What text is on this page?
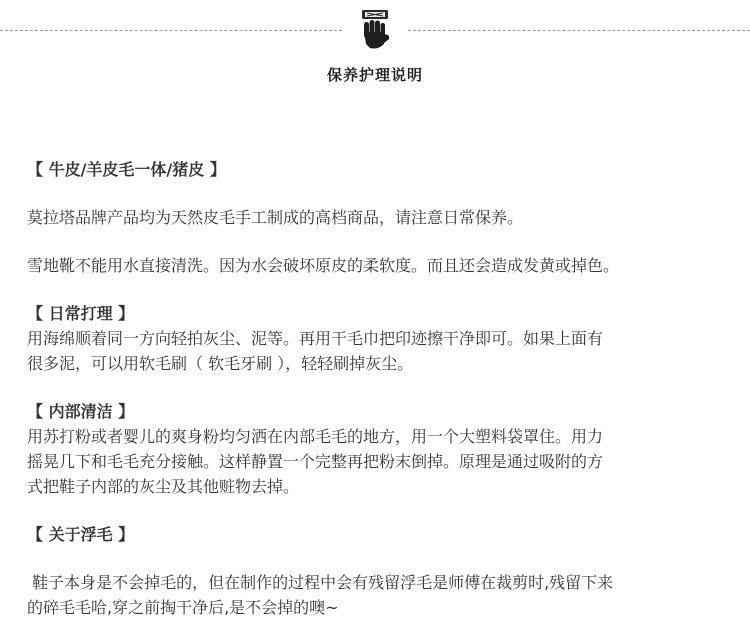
保养护理说明

【 牛皮/羊皮毛一体/猪皮 】

莫拉塔品牌产品均为天然皮毛手工制成的高档商品，请注意日常保养。

雪地靴不能用水直接清洗。因为水会破坏原皮的柔软度。而且还会造成发黄或掉色。

【 日常打理 】

用海绵顺着同一方向轻拍灰尘、泥等。再用干毛巾把印迹擦干净即可。如果上面有

很多泥，可以用软毛刷（ 软毛牙刷 ），轻轻刷掉灰尘。

【 内部清洁 】

用苏打粉或者婴儿的爽身粉均匀洒在内部毛毛的地方，用一个大塑料袋罩住。用力

摇晃几下和毛毛充分接触。这样静置一个完整再把粉末倒掉。原理是通过吸附的方

式把鞋子内部的灰尘及其他赃物去掉。

【 关于浮毛 】

鞋子本身是不会掉毛的，但在制作的过程中会有残留浮毛是师傅在裁剪时,残留下来

的碎毛毛哈,穿之前掏干净后,是不会掉的噢~
